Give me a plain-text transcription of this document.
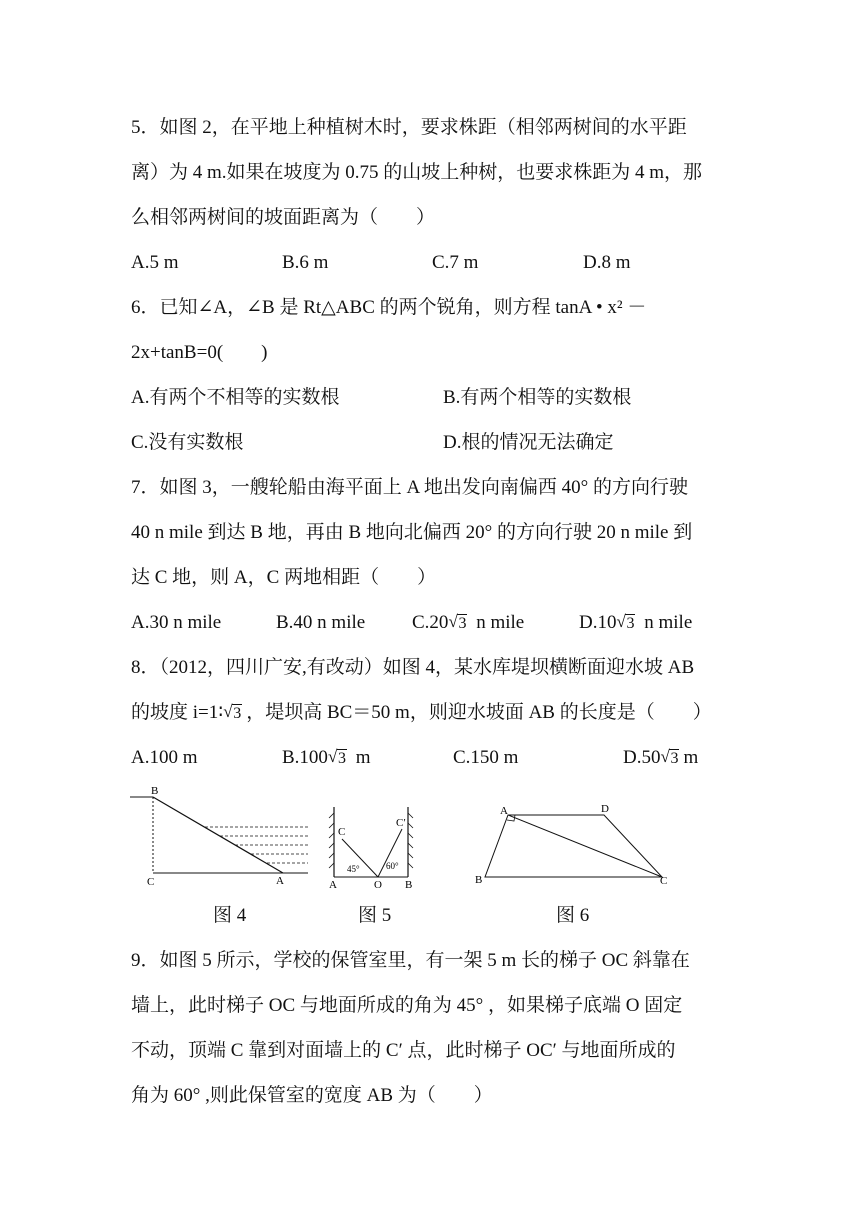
5．如图 2，在平地上种植树木时，要求株距（相邻两树间的水平距
离）为 4 m.如果在坡度为 0.75 的山坡上种树，也要求株距为 4 m，那
么相邻两树间的坡面距离为（　　）
A.5 m	B.6 m	C.7 m	D.8 m
6．已知∠A，∠B 是 Rt△ABC 的两个锐角，则方程 tanA • x² －
2x+tanB=0(　　)
A.有两个不相等的实数根	B.有两个相等的实数根
C.没有实数根	D.根的情况无法确定
7．如图 3，一艘轮船由海平面上 A 地出发向南偏西 40° 的方向行驶
40 n mile 到达 B 地，再由 B 地向北偏西 20° 的方向行驶 20 n mile 到
达 C 地，则 A，C 两地相距（　　）
A.30 n mile	B.40 n mile C.20 √ 3 n mile	D.10 √ 3 n mile
8．（2012，四川广安,有改动）如图 4，某水库堤坝横断面迎水坡 AB
的坡度 i=1∶ √ 3 ，堤坝高 BC＝50 m，则迎水坡面 AB 的长度是（　　）
A.100 m	B.100 √ 3 m	C.150 m	D.50 √ 3 m
B
C	A
C
C′
A	O B
45°	60°
A	D
B	C
图 4	图 5	图 6
9．如图 5 所示，学校的保管室里，有一架 5 m 长的梯子 OC 斜靠在
墙上，此时梯子 OC 与地面所成的角为 45° ，如果梯子底端 O 固定
不动，顶端 C 靠到对面墙上的 C′ 点，此时梯子 OC′ 与地面所成的
角为 60° ,则此保管室的宽度 AB 为（　　）
